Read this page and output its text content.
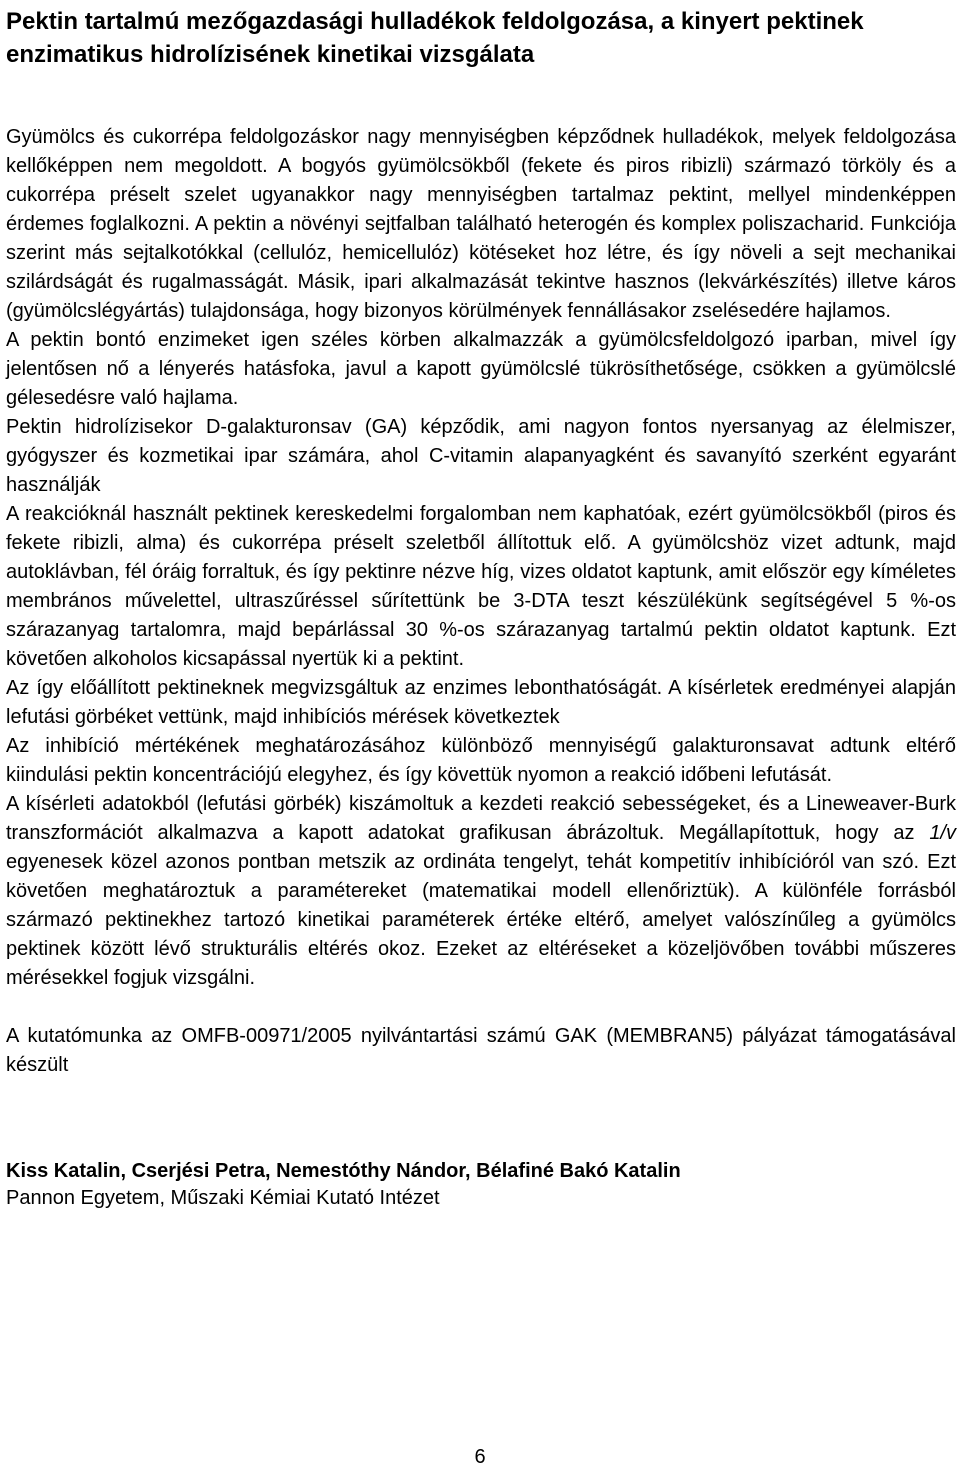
Pektin tartalmú mezőgazdasági hulladékok feldolgozása, a kinyert pektinek enzimatikus hidrolízisének kinetikai vizsgálata

Gyümölcs és cukorrépa feldolgozáskor nagy mennyiségben képződnek hulladékok, melyek feldolgozása kellőképpen nem megoldott. A bogyós gyümölcsökből (fekete és piros ribizli) származó törköly és a cukorrépa préselt szelet ugyanakkor nagy mennyiségben tartalmaz pektint, mellyel mindenképpen érdemes foglalkozni. A pektin a növényi sejtfalban található heterogén és komplex poliszacharid. Funkciója szerint más sejtalkotókkal (cellulóz, hemicellulóz) kötéseket hoz létre, és így növeli a sejt mechanikai szilárdságát és rugalmasságát. Másik, ipari alkalmazását tekintve hasznos (lekvárkészítés) illetve káros (gyümölcslégyártás) tulajdonsága, hogy bizonyos körülmények fennállásakor zselésedére hajlamos.

A pektin bontó enzimeket igen széles körben alkalmazzák a gyümölcsfeldolgozó iparban, mivel így jelentősen nő a lényerés hatásfoka, javul a kapott gyümölcslé tükrösíthetősége, csökken a gyümölcslé gélesedésre való hajlama.

Pektin hidrolízisekor D-galakturonsav (GA) képződik, ami nagyon fontos nyersanyag az élelmiszer, gyógyszer és kozmetikai ipar számára, ahol C-vitamin alapanyagként és savanyító szerként egyaránt használják

A reakcióknál használt pektinek kereskedelmi forgalomban nem kaphatóak, ezért gyümölcsökből (piros és fekete ribizli, alma) és cukorrépa préselt szeletből állítottuk elő. A gyümölcshöz vizet adtunk, majd autoklávban, fél óráig forraltuk, és így pektinre nézve híg, vizes oldatot kaptunk, amit először egy kíméletes membrános művelettel, ultraszűréssel sűrítettünk be 3-DTA teszt készülékünk segítségével 5 %-os szárazanyag tartalomra, majd bepárlással 30 %-os szárazanyag tartalmú pektin oldatot kaptunk. Ezt követően alkoholos kicsapással nyertük ki a pektint.

Az így előállított pektineknek megvizsgáltuk az enzimes lebonthatóságát. A kísérletek eredményei alapján lefutási görbéket vettünk, majd inhibíciós mérések következtek

Az inhibíció mértékének meghatározásához különböző mennyiségű galakturonsavat adtunk eltérő kiindulási pektin koncentrációjú elegyhez, és így követtük nyomon a reakció időbeni lefutását.

A kísérleti adatokból (lefutási görbék) kiszámoltuk a kezdeti reakció sebességeket, és a Lineweaver-Burk transzformációt alkalmazva a kapott adatokat grafikusan ábrázoltuk. Megállapítottuk, hogy az 1/v egyenesek közel azonos pontban metszik az ordináta tengelyt, tehát kompetitív inhibícióról van szó. Ezt követően meghatároztuk a paramétereket (matematikai modell ellenőriztük). A különféle forrásból származó pektinekhez tartozó kinetikai paraméterek értéke eltérő, amelyet valószínűleg a gyümölcs pektinek között lévő strukturális eltérés okoz. Ezeket az eltéréseket a közeljövőben további műszeres mérésekkel fogjuk vizsgálni.

A kutatómunka az OMFB-00971/2005 nyilvántartási számú GAK (MEMBRAN5) pályázat támogatásával készült

Kiss Katalin, Cserjési Petra, Nemestóthy Nándor, Bélafiné Bakó Katalin
Pannon Egyetem, Műszaki Kémiai Kutató Intézet
6
